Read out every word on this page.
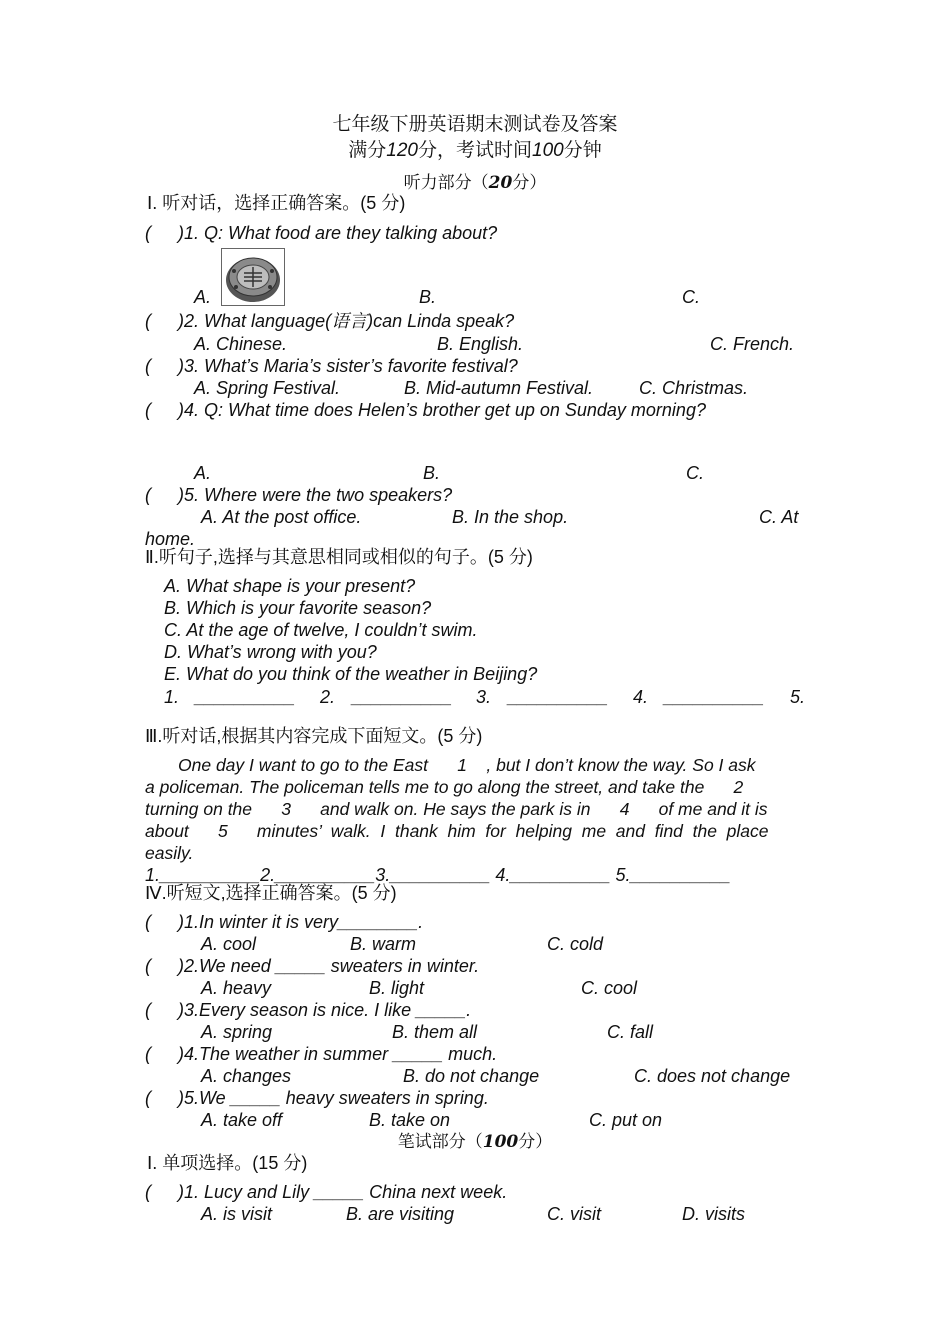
七年级下册英语期末测试卷及答案
满分120分，考试时间100分钟
听力部分（20分）
Ⅰ. 听对话，选择正确答案。(5 分)
( )1. Q: What food are they talking about?
A.	B.	C.
( )2. What language(语言)can Linda speak?
A. Chinese.	B. English.	C. French.
( )3. What’s Maria’s sister’s favorite festival?
A. Spring Festival.	B. Mid-autumn Festival.	C. Christmas.
( )4. Q: What time does Helen’s brother get up on Sunday morning?
A.	B.	C.
( )5. Where were the two speakers?
A. At the post office.	B. In the shop.	C. At
home.
Ⅱ.听句子,选择与其意思相同或相似的句子。(5 分)
A. What shape is your present?
B. Which is your favorite season?
C. At the age of twelve, I couldn’t swim.
D. What’s wrong with you?
E. What do you think of the weather in Beijing?
1. __________ 2. __________ 3. __________ 4. __________ 5.
Ⅲ.听对话,根据其内容完成下面短文。(5 分)
One day I want to go to the East      1    , but I don’t know the way. So I ask
a policeman. The policeman tells me to go along the street, and take the      2
turning on the      3      and walk on. He says the park is in      4      of me and it is
about      5      minutes’  walk.  I  thank  him  for  helping  me  and  find  the  place
easily.
1.__________2.__________3.__________ 4.__________ 5.__________
Ⅳ.听短文,选择正确答案。(5 分)
( )1.In winter it is very________.
A. cool	B. warm	C. cold
( )2.We need _____ sweaters in winter.
A. heavy	B. light	C. cool
( )3.Every season is nice. I like _____.
A. spring	B. them all	C. fall
( )4.The weather in summer _____ much.
A. changes	B. do not change	C. does not change
( )5.We _____ heavy sweaters in spring.
A. take off	B. take on	C. put on
笔试部分（100分）
Ⅰ. 单项选择。(15 分)
( )1. Lucy and Lily _____ China next week.
A. is visit	B. are visiting	C. visit	D. visits
